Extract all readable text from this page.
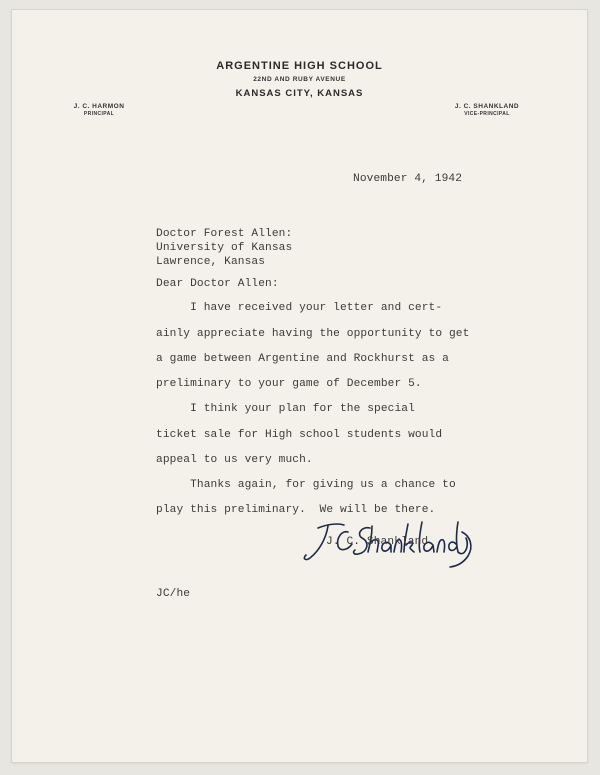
ARGENTINE HIGH SCHOOL
22ND AND RUBY AVENUE
KANSAS CITY, KANSAS
J. C. HARMON
PRINCIPAL
J. C. SHANKLAND
VICE-PRINCIPAL
November 4, 1942
Doctor Forest Allen:
University of Kansas
Lawrence, Kansas
Dear Doctor Allen:
I have received your letter and cert-
ainly appreciate having the opportunity to get
a game between Argentine and Rockhurst as a
preliminary to your game of December 5.
I think your plan for the special
ticket sale for High school students would
appeal to us very much.
Thanks again, for giving us a chance to
play this preliminary.  We will be there.
J. C. Shankland
JC/he
